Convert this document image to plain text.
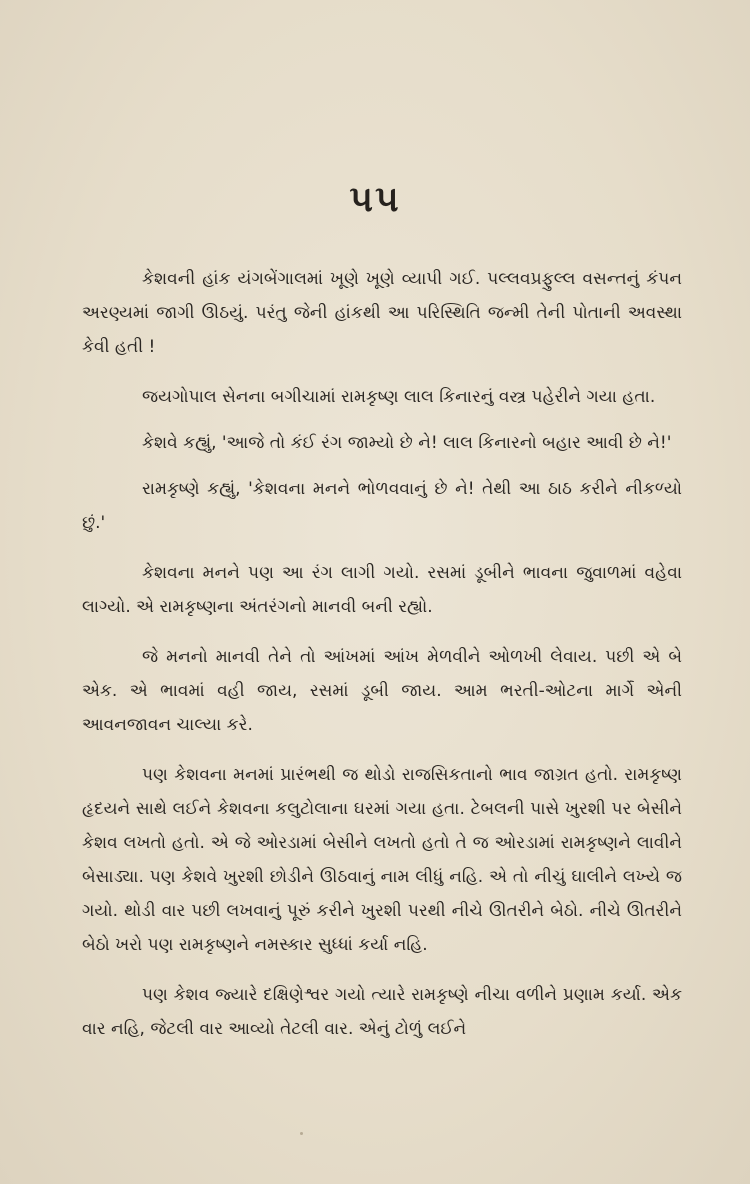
૫૫

કેશવની હાંક યંગબેંગાલમાં ખૂણે ખૂણે વ્યાપી ગઈ. પલ્લવપ્રફુલ્લ વસન્તનું કંપન અરણ્યમાં જાગી ઊઠયું. પરંતુ જેની હાંકથી આ પરિસ્થિતિ જન્મી તેની પોતાની અવસ્થા કેવી હતી !

જયગોપાલ સેનના બગીચામાં રામકૃષ્ણ લાલ કિનારનું વસ્ત્ર પહેરીને ગયા હતા.

કેશવે કહ્યું, 'આજે તો કંઈ રંગ જામ્યો છે ને! લાલ કિનારનો બહાર આવી છે ને!'

રામકૃષ્ણે કહ્યું, 'કેશવના મનને ભોળવવાનું છે ને! તેથી આ ઠાઠ કરીને નીકળ્યો છું.'

કેશવના મનને પણ આ રંગ લાગી ગયો. રસમાં ડૂબીને ભાવના જુવાળમાં વહેવા લાગ્યો. એ રામકૃષ્ણના અંતરંગનો માનવી બની રહ્યો.

જે મનનો માનવી તેને તો આંખમાં આંખ મેળવીને ઓળખી લેવાય. પછી એ બે એક. એ ભાવમાં વહી જાય, રસમાં ડૂબી જાય. આમ ભરતી-ઓટના માર્ગે એની આવનજાવન ચાલ્યા કરે.

પણ કેશવના મનમાં પ્રારંભથી જ થોડો રાજસિકતાનો ભાવ જાગ્રત હતો. રામકૃષ્ણ હૃદયને સાથે લઈને કેશવના કલુટોલાના ઘરમાં ગયા હતા. ટેબલની પાસે ખુરશી પર બેસીને કેશવ લખતો હતો. એ જે ઓરડામાં બેસીને લખતો હતો તે જ ઓરડામાં રામકૃષ્ણને લાવીને બેસાડ્યા. પણ કેશવે ખુરશી છોડીને ઊઠવાનું નામ લીધું નહિ. એ તો નીચું ઘાલીને લખ્યે જ ગયો. થોડી વાર પછી લખવાનું પૂરું કરીને ખુરશી પરથી નીચે ઊતરીને બેઠો. નીચે ઊતરીને બેઠો ખરો પણ રામકૃષ્ણને નમસ્કાર સુધ્ધાં કર્યા નહિ.

પણ કેશવ જ્યારે દક્ષિણેશ્વર ગયો ત્યારે રામકૃષ્ણે નીચા વળીને પ્રણામ કર્યા. એક વાર નહિ, જેટલી વાર આવ્યો તેટલી વાર. એનું ટોળું લઈને
